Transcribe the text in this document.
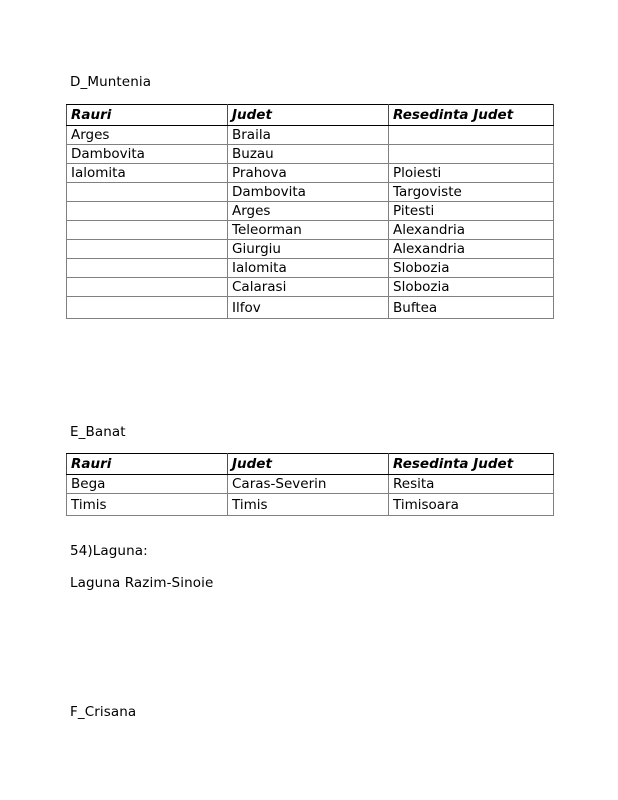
D_Muntenia
Rauri	Judet	Resedinta Judet
Arges	Braila	
Dambovita	Buzau	
Ialomita	Prahova	Ploiesti
	Dambovita	Targoviste
	Arges	Pitesti
	Teleorman	Alexandria
	Giurgiu	Alexandria
	Ialomita	Slobozia
	Calarasi	Slobozia
	Ilfov	Buftea
E_Banat
Rauri	Judet	Resedinta Judet
Bega	Caras-Severin	Resita
Timis	Timis	Timisoara
54)Laguna:
Laguna Razim-Sinoie
F_Crisana
